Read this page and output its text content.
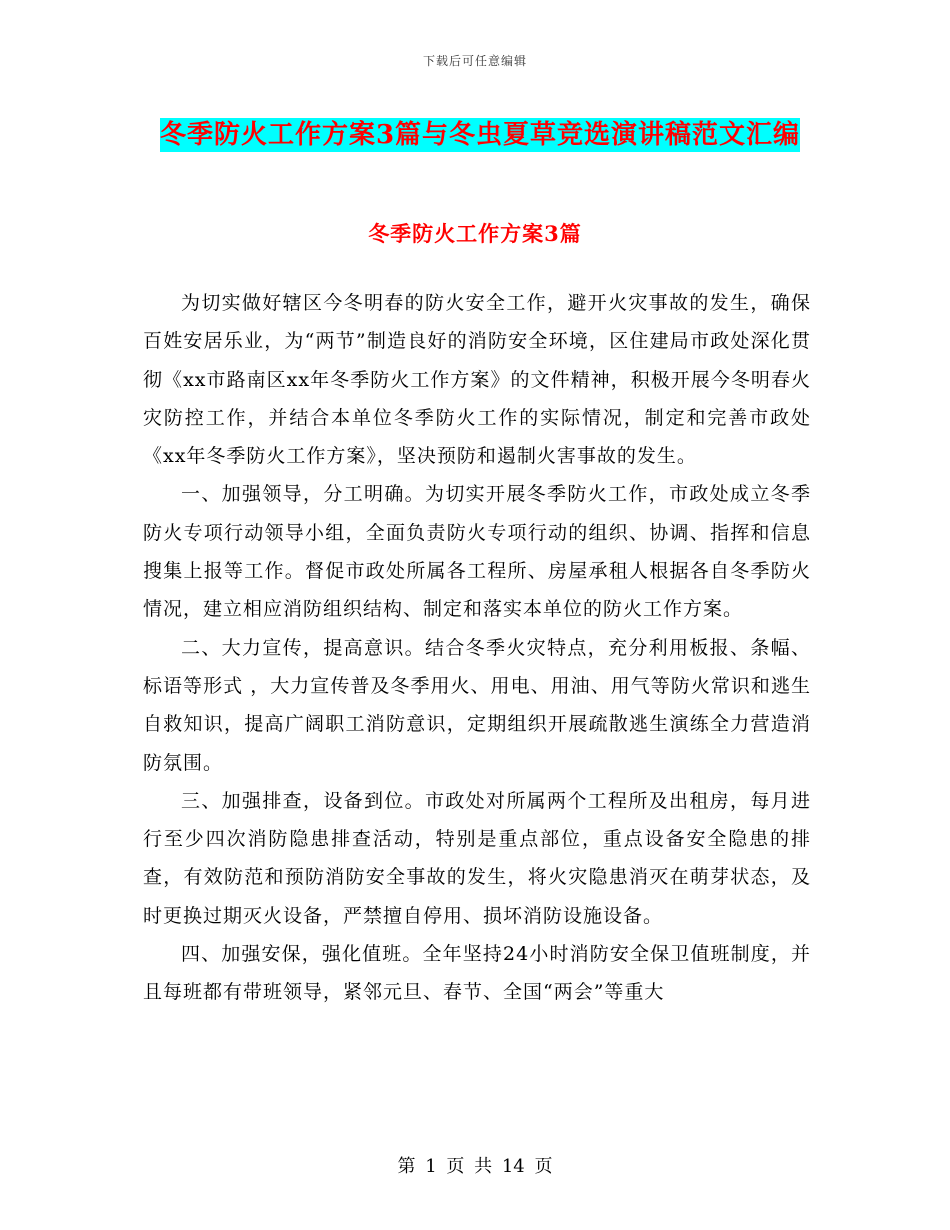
下载后可任意编辑
冬季防火工作方案3篇与冬虫夏草竞选演讲稿范文汇编
冬季防火工作方案3篇

为切实做好辖区今冬明春的防火安全工作，避开火灾事故的发生，确保百姓安居乐业，为“两节”制造良好的消防安全环境，区住建局市政处深化贯彻《xx市路南区xx年冬季防火工作方案》的文件精神，积极开展今冬明春火灾防控工作，并结合本单位冬季防火工作的实际情况，制定和完善市政处《xx年冬季防火工作方案》，坚决预防和遏制火害事故的发生。

一、加强领导，分工明确。为切实开展冬季防火工作，市政处成立冬季防火专项行动领导小组，全面负责防火专项行动的组织、协调、指挥和信息搜集上报等工作。督促市政处所属各工程所、房屋承租人根据各自冬季防火情况，建立相应消防组织结构、制定和落实本单位的防火工作方案。

二、大力宣传，提高意识。结合冬季火灾特点，充分利用板报、条幅、标语等形式 ，大力宣传普及冬季用火、用电、用油、用气等防火常识和逃生自救知识，提高广阔职工消防意识，定期组织开展疏散逃生演练全力营造消防氛围。

三、加强排查，设备到位。市政处对所属两个工程所及出租房，每月进行至少四次消防隐患排查活动，特别是重点部位，重点设备安全隐患的排查，有效防范和预防消防安全事故的发生，将火灾隐患消灭在萌芽状态，及时更换过期灭火设备，严禁擅自停用、损坏消防设施设备。

四、加强安保，强化值班。全年坚持24小时消防安全保卫值班制度，并且每班都有带班领导，紧邻元旦、春节、全国“两会”等重大

第 1 页 共 14 页
